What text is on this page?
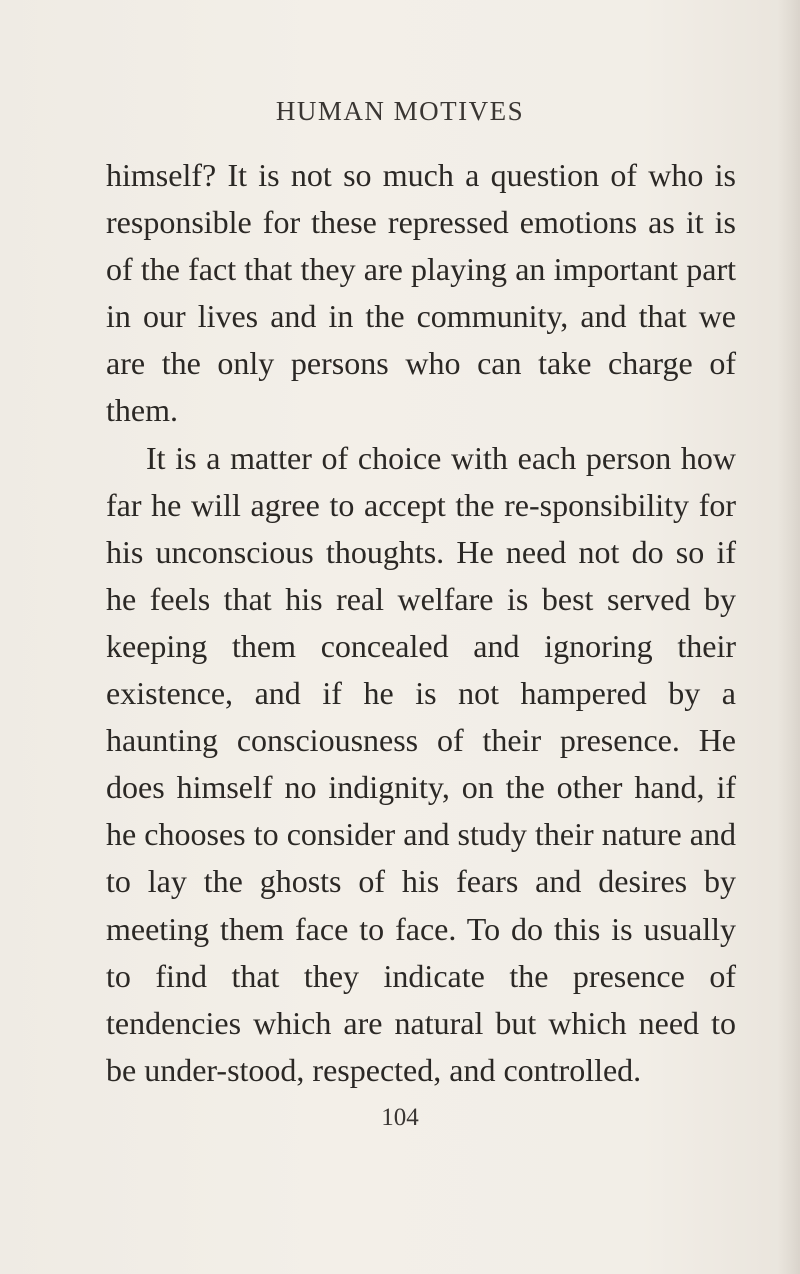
HUMAN MOTIVES

himself? It is not so much a question of who is responsible for these repressed emotions as it is of the fact that they are playing an important part in our lives and in the community, and that we are the only persons who can take charge of them.

It is a matter of choice with each person how far he will agree to accept the re-sponsibility for his unconscious thoughts. He need not do so if he feels that his real welfare is best served by keeping them concealed and ignoring their existence, and if he is not hampered by a haunting consciousness of their presence. He does himself no indignity, on the other hand, if he chooses to consider and study their nature and to lay the ghosts of his fears and desires by meeting them face to face. To do this is usually to find that they indicate the presence of tendencies which are natural but which need to be under-stood, respected, and controlled.

104
